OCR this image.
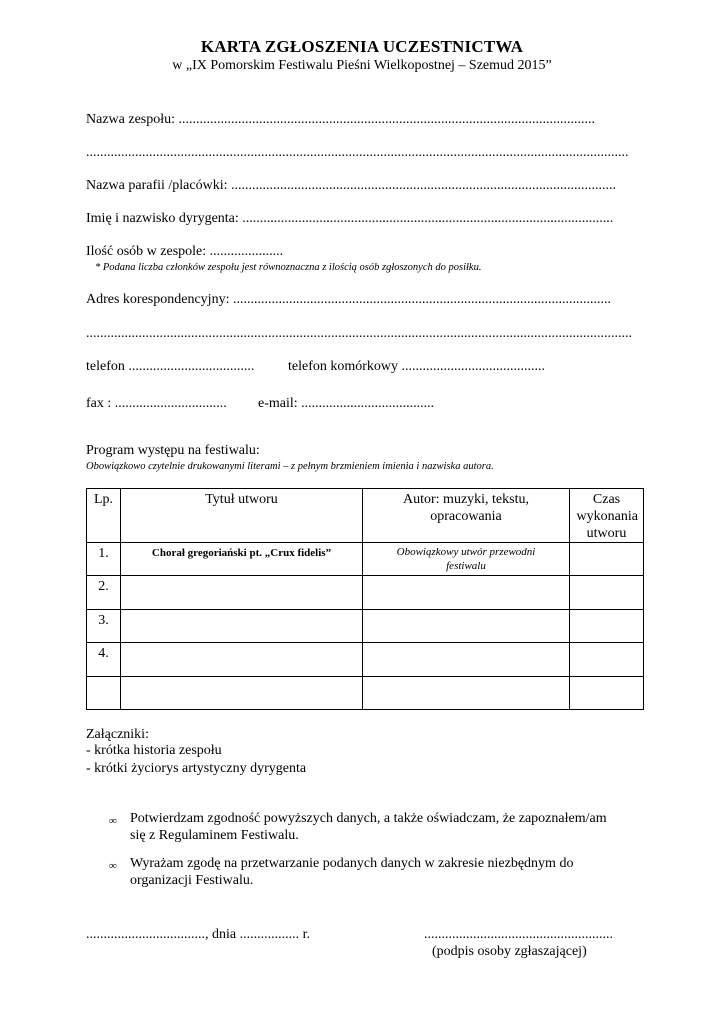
KARTA ZGŁOSZENIA UCZESTNICTWA
w „IX Pomorskim Festiwalu Pieśni Wielkopostnej – Szemud 2015”
Nazwa zespołu: .......................................................................................................................
...........................................................................................................................................................
Nazwa parafii /placówki: ..............................................................................................................
Imię i nazwisko dyrygenta: ..........................................................................................................
Ilość osób w zespole: .....................
* Podana liczba członków zespołu jest równoznaczna z ilością osób zgłoszonych do posiłku.
Adres korespondencyjny: ............................................................................................................
............................................................................................................................................................
telefon .................................... telefon komórkowy .........................................
fax : ................................ e-mail: ......................................
Program występu na festiwalu:
Obowiązkowo czytelnie drukowanymi literami – z pełnym brzmieniem imienia i nazwiska autora.
Lp.	Tytuł utworu	Autor: muzyki, tekstu, opracowania	Czas wykonania utworu

1.	Chorał gregoriański pt. „Crux fidelis”	Obowiązkowy utwór przewodni festiwalu	

2.			

3.			

4.			

Załączniki:
- krótka historia zespołu
- krótki życiorys artystyczny dyrygenta
∞ Potwierdzam zgodność powyższych danych, a także oświadczam, że zapoznałem/am
się z Regulaminem Festiwalu.
∞ Wyrażam zgodę na przetwarzanie podanych danych w zakresie niezbędnym do
organizacji Festiwalu.
.................................., dnia ................. r.	......................................................
(podpis osoby zgłaszającej)
